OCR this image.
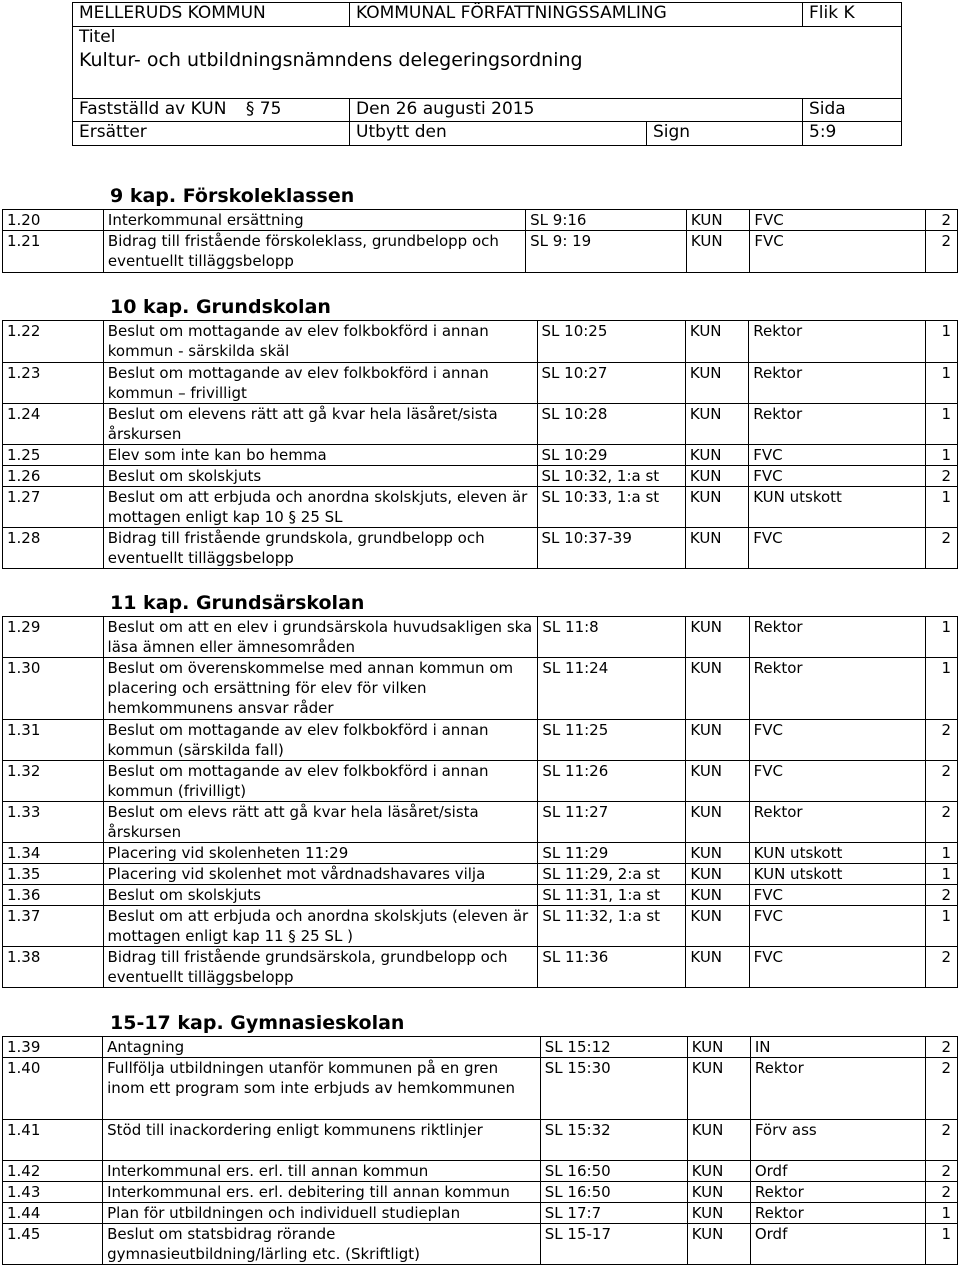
MELLERUDS KOMMUN	KOMMUNAL FÖRFATTNINGSSAMLING		Flik K

Titel
Kultur- och utbildningsnämndens delegeringsordning			

Fastställd av KUN § 75	Den 26 augusti 2015		Sida
Ersätter	Utbytt den	Sign	5:9
9 kap. Förskoleklassen
1.20	Interkommunal ersättning	SL 9:16	KUN	FVC	2
1.21	Bidrag till fristående förskoleklass, grundbelopp och eventuellt tilläggsbelopp	SL 9: 19	KUN	FVC	2
10 kap. Grundskolan
1.22	Beslut om mottagande av elev folkbokförd i annan kommun - särskilda skäl	SL 10:25	KUN	Rektor	1
1.23	Beslut om mottagande av elev folkbokförd i annan kommun – frivilligt	SL 10:27	KUN	Rektor	1
1.24	Beslut om elevens rätt att gå kvar hela läsåret/sista årskursen	SL 10:28	KUN	Rektor	1
1.25	Elev som inte kan bo hemma	SL 10:29	KUN	FVC	1
1.26	Beslut om skolskjuts	SL 10:32, 1:a st	KUN	FVC	2
1.27	Beslut om att erbjuda och anordna skolskjuts, eleven är mottagen enligt kap 10 § 25 SL	SL 10:33, 1:a st	KUN	KUN utskott	1
1.28	Bidrag till fristående grundskola, grundbelopp och eventuellt tilläggsbelopp	SL 10:37-39	KUN	FVC	2
11 kap. Grundsärskolan
1.29	Beslut om att en elev i grundsärskola huvudsakligen ska läsa ämnen eller ämnesområden	SL 11:8	KUN	Rektor	1
1.30	Beslut om överenskommelse med annan kommun om placering och ersättning för elev för vilken hemkommunens ansvar råder	SL 11:24	KUN	Rektor	1
1.31	Beslut om mottagande av elev folkbokförd i annan kommun (särskilda fall)	SL 11:25	KUN	FVC	2
1.32	Beslut om mottagande av elev folkbokförd i annan kommun (frivilligt)	SL 11:26	KUN	FVC	2
1.33	Beslut om elevs rätt att gå kvar hela läsåret/sista årskursen	SL 11:27	KUN	Rektor	2
1.34	Placering vid skolenheten 11:29	SL 11:29	KUN	KUN utskott	1
1.35	Placering vid skolenhet mot vårdnadshavares vilja	SL 11:29, 2:a st	KUN	KUN utskott	1
1.36	Beslut om skolskjuts	SL 11:31, 1:a st	KUN	FVC	2
1.37	Beslut om att erbjuda och anordna skolskjuts (eleven är mottagen enligt kap 11 § 25 SL )	SL 11:32, 1:a st	KUN	FVC	1
1.38	Bidrag till fristående grundsärskola, grundbelopp och eventuellt tilläggsbelopp	SL 11:36	KUN	FVC	2
15-17 kap. Gymnasieskolan
1.39	Antagning	SL 15:12	KUN	IN	2
1.40	Fullfölja utbildningen utanför kommunen på en gren inom ett program som inte erbjuds av hemkommunen	SL 15:30	KUN	Rektor	2
1.41	Stöd till inackordering enligt kommunens riktlinjer	SL 15:32	KUN	Förv ass	2
1.42	Interkommunal ers. erl. till annan kommun	SL 16:50	KUN	Ordf	2
1.43	Interkommunal ers. erl. debitering till annan kommun	SL 16:50	KUN	Rektor	2
1.44	Plan för utbildningen och individuell studieplan	SL 17:7	KUN	Rektor	1
1.45	Beslut om statsbidrag rörande gymnasieutbildning/lärling etc. (Skriftligt)	SL 15-17	KUN	Ordf	1
